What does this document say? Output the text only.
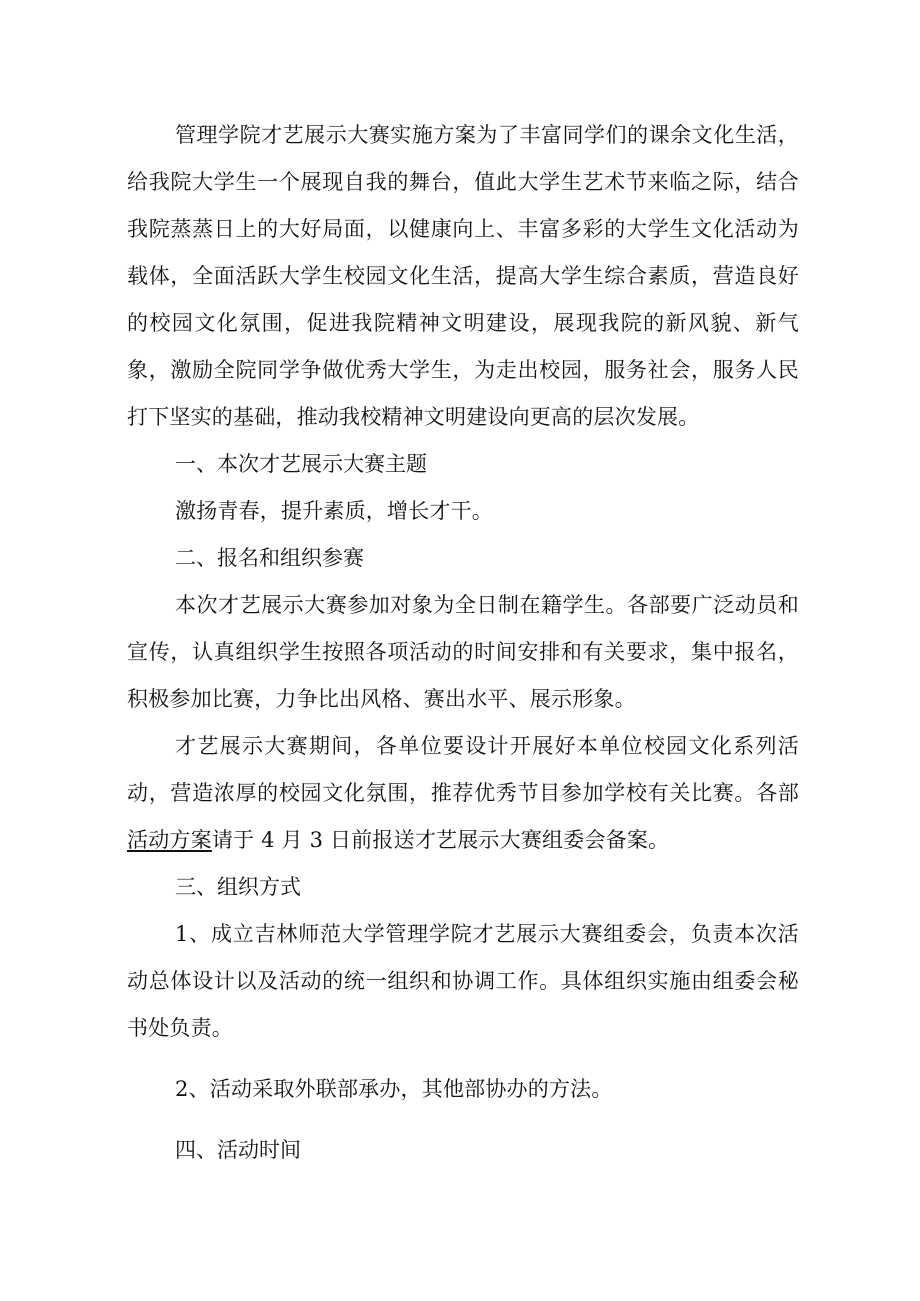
管理学院才艺展示大赛实施方案为了丰富同学们的课余文化生活，给我院大学生一个展现自我的舞台，值此大学生艺术节来临之际，结合我院蒸蒸日上的大好局面，以健康向上、丰富多彩的大学生文化活动为载体，全面活跃大学生校园文化生活，提高大学生综合素质，营造良好的校园文化氛围，促进我院精神文明建设，展现我院的新风貌、新气象，激励全院同学争做优秀大学生，为走出校园，服务社会，服务人民打下坚实的基础，推动我校精神文明建设向更高的层次发展。

一、本次才艺展示大赛主题

激扬青春，提升素质，增长才干。

二、报名和组织参赛

本次才艺展示大赛参加对象为全日制在籍学生。各部要广泛动员和宣传，认真组织学生按照各项活动的时间安排和有关要求，集中报名，积极参加比赛，力争比出风格、赛出水平、展示形象。

才艺展示大赛期间，各单位要设计开展好本单位校园文化系列活动，营造浓厚的校园文化氛围，推荐优秀节目参加学校有关比赛。各部活动方案请于 4 月 3 日前报送才艺展示大赛组委会备案。

三、组织方式

1、成立吉林师范大学管理学院才艺展示大赛组委会，负责本次活动总体设计以及活动的统一组织和协调工作。具体组织实施由组委会秘书处负责。

2、活动采取外联部承办，其他部协办的方法。

四、活动时间
